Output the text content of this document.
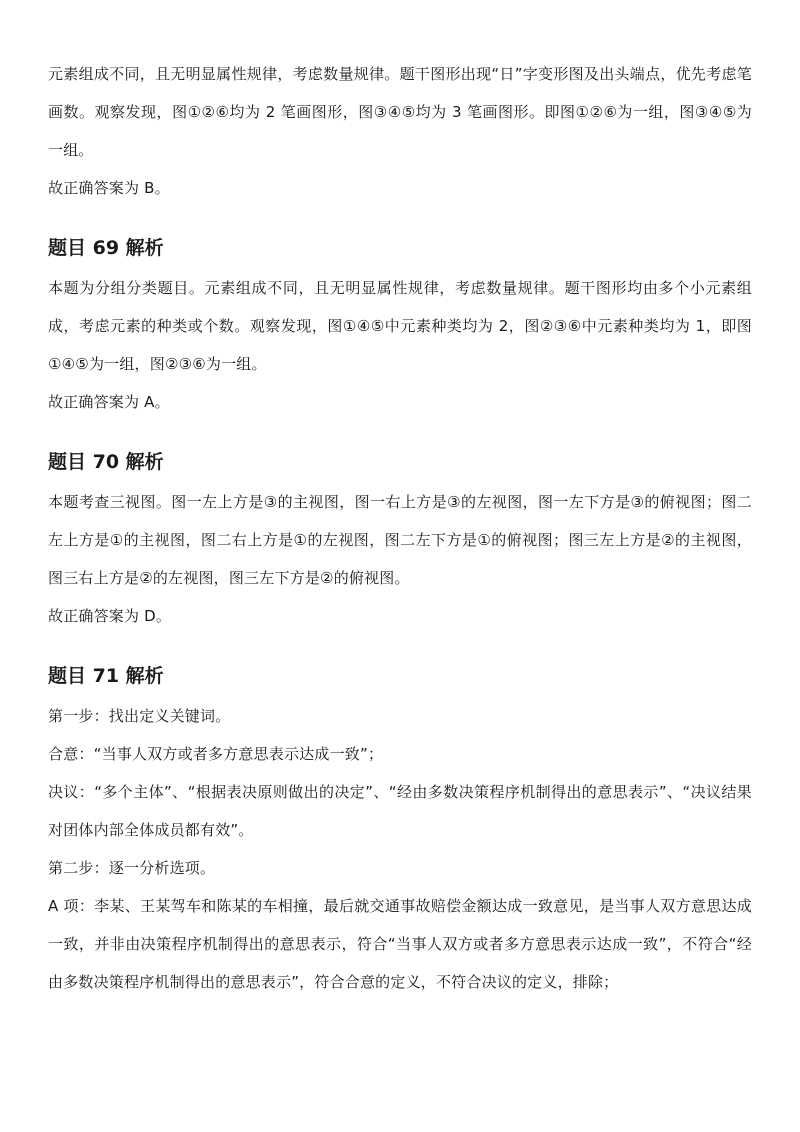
元素组成不同，且无明显属性规律，考虑数量规律。题干图形出现“日”字变形图及出头端点，优先考虑笔画数。观察发现，图①②⑥均为 2 笔画图形，图③④⑤均为 3 笔画图形。即图①②⑥为一组，图③④⑤为一组。

故正确答案为 B。

题目 69 解析

本题为分组分类题目。元素组成不同，且无明显属性规律，考虑数量规律。题干图形均由多个小元素组成，考虑元素的种类或个数。观察发现，图①④⑤中元素种类均为 2，图②③⑥中元素种类均为 1，即图①④⑤为一组，图②③⑥为一组。

故正确答案为 A。

题目 70 解析

本题考查三视图。图一左上方是③的主视图，图一右上方是③的左视图，图一左下方是③的俯视图；图二左上方是①的主视图，图二右上方是①的左视图，图二左下方是①的俯视图；图三左上方是②的主视图，图三右上方是②的左视图，图三左下方是②的俯视图。

故正确答案为 D。

题目 71 解析

第一步：找出定义关键词。

合意：“当事人双方或者多方意思表示达成一致”；

决议：“多个主体”、“根据表决原则做出的决定”、“经由多数决策程序机制得出的意思表示”、“决议结果对团体内部全体成员都有效”。

第二步：逐一分析选项。

A 项：李某、王某驾车和陈某的车相撞，最后就交通事故赔偿金额达成一致意见，是当事人双方意思达成一致，并非由决策程序机制得出的意思表示，符合“当事人双方或者多方意思表示达成一致”，不符合“经由多数决策程序机制得出的意思表示”，符合合意的定义，不符合决议的定义，排除；
